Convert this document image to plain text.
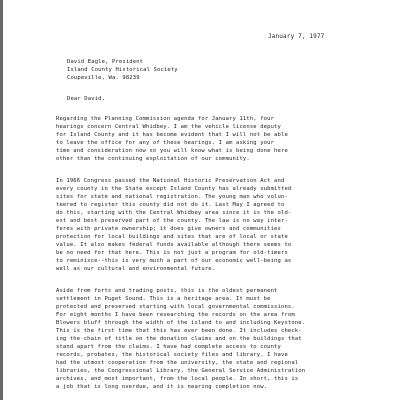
January 7, 1977
David Eagle, President
Island County Historical Society
Coupeville, Wa. 98239
Dear David,
Regarding the Planning Commission agenda for January 11th, four
hearings concern Central Whidbey. I am the vehicle license deputy
for Island County and it has become evident that I will not be able
to leave the office for any of these hearings. I am asking your
time and consideration now so you will know what is being done here
other than the continuing exploitation of our community.
In 1966 Congress passed the National Historic Preservation Act and
every county in the State except Island County has already submitted
sites for state and national registration. The young man who volun-
teered to register this county did not do it. Last May I agreed to
do this, starting with the Central Whidbey area since it is the old-
est and best preserved part of the county. The law is no way inter-
feres with private ownership; it does give owners and communities
protection for local buildings and sites that are of local or state
value. It also makes federal funds available although there seems to
be no need for that here. This is not just a program for old-timers
to reminisce--this is very much a part of our economic well-being as
well as our cultural and environmental future.
Aside from forts and trading posts, this is the oldest permanent
settlement in Puget Sound. This is a heritage area. It must be
protected and preserved starting with local governmental commissions.
For eight months I have been researching the records on the area from
Blowers bluff through the width of the island to and including Keystone.
This is the first time that this has ever been done. It includes check-
ing the chain of title on the donation claims and on the buildings that
stand apart from the claims. I have had complete access to county
records, probates, the historical society files and library. I have
had the utmost cooperation from the university, the state and regional
libraries, the Congressional Library, the General Service Administration
archives, and most important, from the local people. In short, this is
a job that is long overdue, and it is nearing completion now.
